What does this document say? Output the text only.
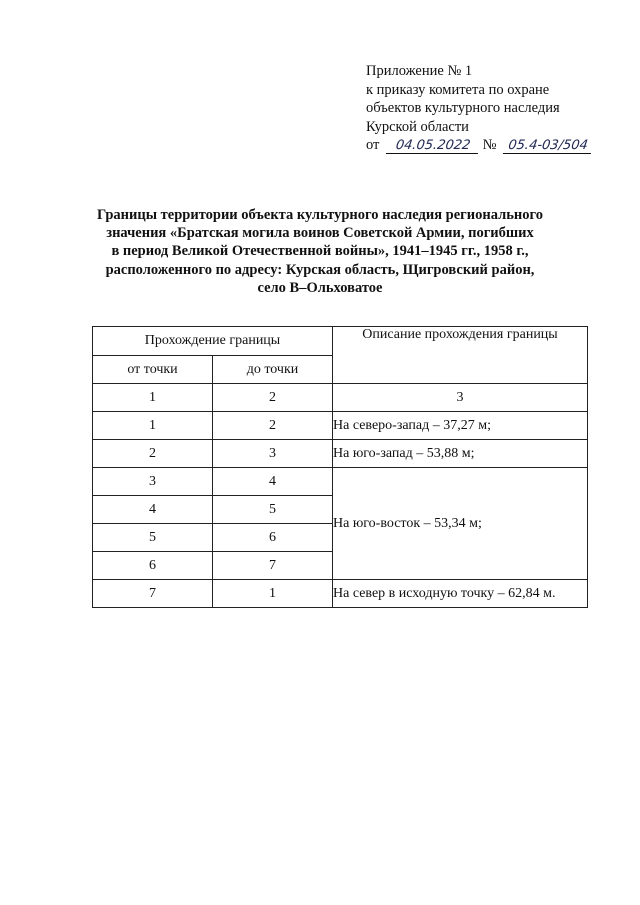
Приложение № 1
к приказу комитета по охране
объектов культурного наследия
Курской области
от 04.05.2022 № 05.4-03/504
Границы территории объекта культурного наследия регионального
значения «Братская могила воинов Советской Армии, погибших
в период Великой Отечественной войны», 1941–1945 гг., 1958 г.,
расположенного по адресу: Курская область, Щигровский район,
село В–Ольховатое
Прохождение границы		Описание прохождения границы
от точки	до точки	
1	2	3
1	2	На северо-запад – 37,27 м;
2	3	На юго-запад – 53,88 м;
3	4	На юго-восток – 53,34 м;
4	5	
5	6	
6	7	
7	1	На север в исходную точку – 62,84 м.
